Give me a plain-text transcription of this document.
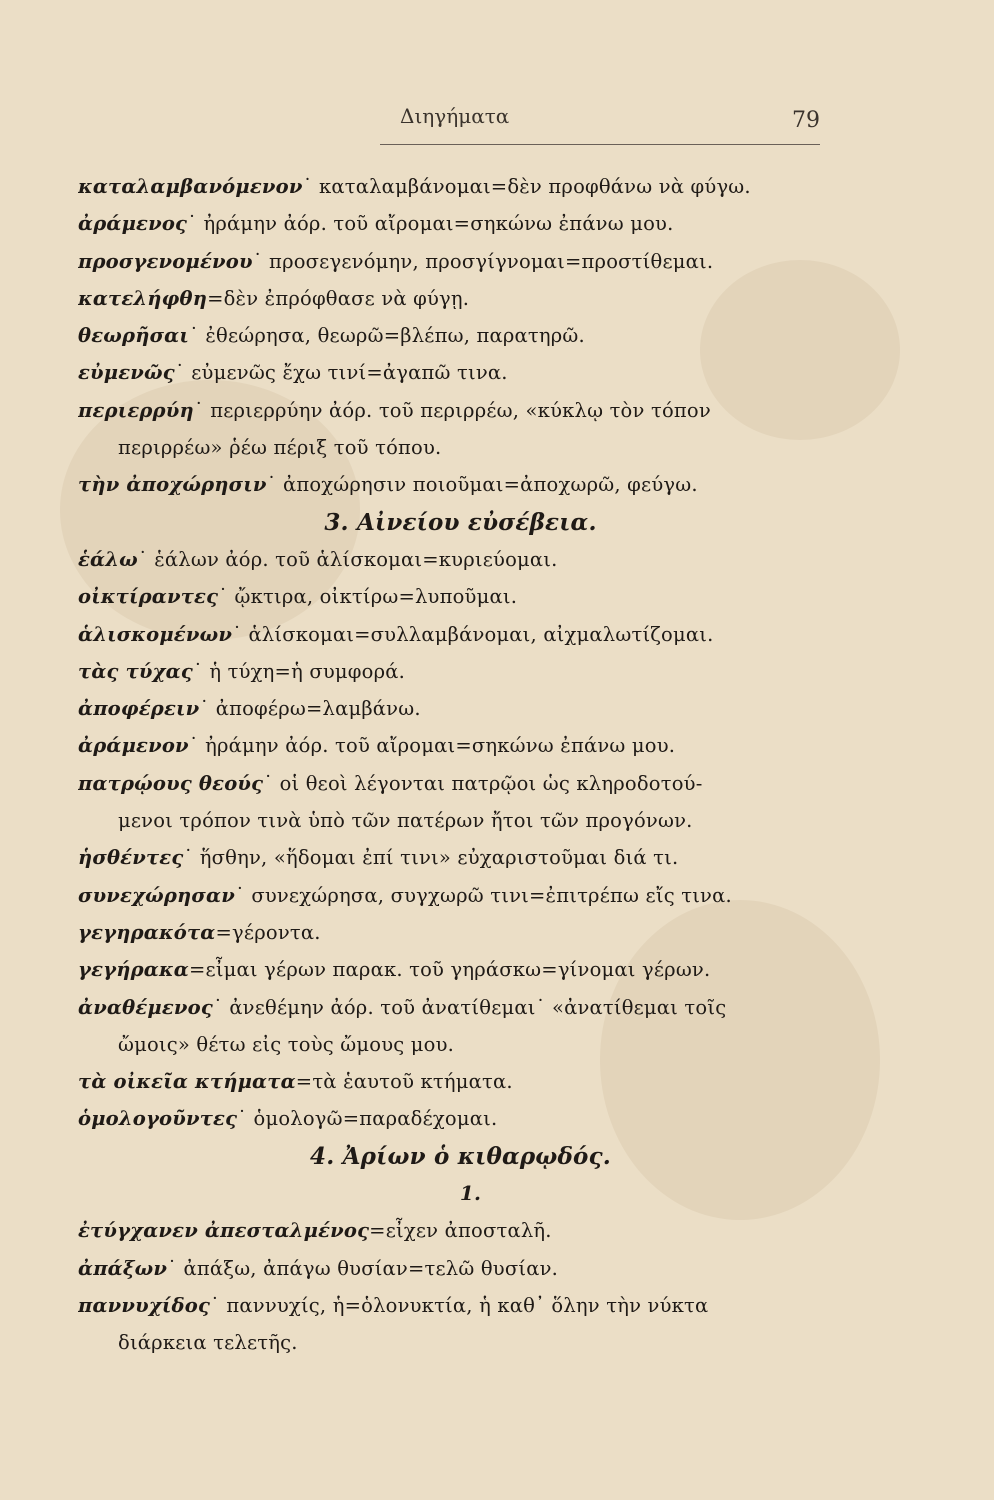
Διηγήματα	79
καταλαμβανόμενον˙ καταλαμβάνομαι=δὲν προφθάνω νὰ φύγω.
ἀράμενος˙ ἠράμην ἀόρ. τοῦ αἴρομαι=σηκώνω ἐπάνω μου.
προσγενομένου˙ προσεγενόμην, προσγίγνομαι=προστίθεμαι.
κατελήφθη=δὲν ἐπρόφθασε νὰ φύγῃ.
θεωρῆσαι˙ ἐθεώρησα, θεωρῶ=βλέπω, παρατηρῶ.
εὐμενῶς˙ εὐμενῶς ἔχω τινί=ἀγαπῶ τινα.
περιερρύη˙ περιερρύην ἀόρ. τοῦ περιρρέω, «κύκλῳ τὸν τόπον
περιρρέω» ῥέω πέριξ τοῦ τόπου.
τὴν ἀποχώρησιν˙ ἀποχώρησιν ποιοῦμαι=ἀποχωρῶ, φεύγω.
3. Αἰνείου εὐσέβεια.
ἑάλω˙ ἑάλων ἀόρ. τοῦ ἁλίσκομαι=κυριεύομαι.
οἰκτίραντες˙ ᾤκτιρα, οἰκτίρω=λυποῦμαι.
ἁλισκομένων˙ ἁλίσκομαι=συλλαμβάνομαι, αἰχμαλωτίζομαι.
τὰς τύχας˙ ἡ τύχη=ἡ συμφορά.
ἀποφέρειν˙ ἀποφέρω=λαμβάνω.
ἀράμενον˙ ἠράμην ἀόρ. τοῦ αἴρομαι=σηκώνω ἐπάνω μου.
πατρῴους θεούς˙ οἱ θεοὶ λέγονται πατρῷοι ὡς κληροδοτού-
μενοι τρόπον τινὰ ὑπὸ τῶν πατέρων ἤτοι τῶν προγόνων.
ἡσθέντες˙ ἥσθην, «ἥδομαι ἐπί τινι» εὐχαριστοῦμαι διά τι.
συνεχώρησαν˙ συνεχώρησα, συγχωρῶ τινι=ἐπιτρέπω εἴς τινα.
γεγηρακότα=γέροντα.
γεγήρακα=εἶμαι γέρων παρακ. τοῦ γηράσκω=γίνομαι γέρων.
ἀναθέμενος˙ ἀνεθέμην ἀόρ. τοῦ ἀνατίθεμαι˙ «ἀνατίθεμαι τοῖς
ὤμοις» θέτω εἰς τοὺς ὤμους μου.
τὰ οἰκεῖα κτήματα=τὰ ἑαυτοῦ κτήματα.
ὁμολογοῦντες˙ ὁμολογῶ=παραδέχομαι.
4. Ἀρίων ὁ κιθαρῳδός.
1.
ἐτύγχανεν ἀπεσταλμένος=εἶχεν ἀποσταλῆ.
ἀπάξων˙ ἀπάξω, ἀπάγω θυσίαν=τελῶ θυσίαν.
παννυχίδος˙ παννυχίς, ἡ=ὁλονυκτία, ἡ καθ᾿ ὅλην τὴν νύκτα
διάρκεια τελετῆς.
